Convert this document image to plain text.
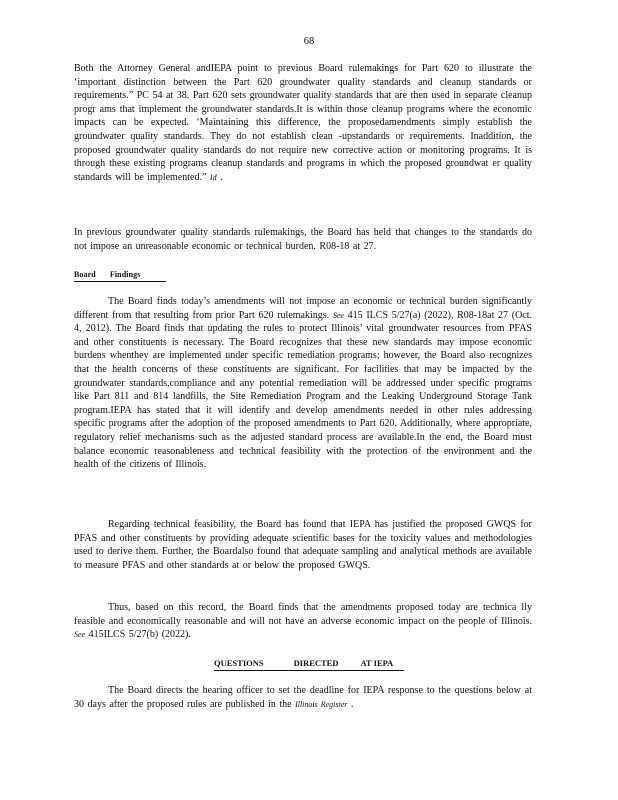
68

Both the Attorney General andIEPA point to previous Board rulemakings for Part 620 to illustrate the ‘important distinction between the Part 620 groundwater quality standards and cleanup standards or requirements.” PC 54 at 38. Part 620 sets groundwater quality standards that are then used in separate cleanup progr ams that implement the groundwater standards.It is within those cleanup programs where the economic impacts can be expected. ‘Maintaining this difference, the proposedamendments simply establish the groundwater quality standards. They do not establish clean -upstandards or requirements. Inaddition, the proposed groundwater quality standards do not require new corrective action or monitoring programs. It is through these existing programs cleanup standards and programs in which the proposed groundwat er quality standards will be implemented.” Id .

In previous groundwater quality standards rulemakings, the Board has held that changes to the standards do not impose an unreasonable economic or technical burden. R08-18 at 27.

Board Findings

The Board finds today’s amendments will not impose an economic or technical burden significantly different from that resulting from prior Part 620 rulemakings. See 415 ILCS 5/27(a) (2022), R08-18at 27 (Oct. 4, 2012). The Board finds that updating the rules to protect Illinois’ vital groundwater resources from PFAS and other constituents is necessary. The Board recognizes that these new standards may impose economic burdens whenthey are implemented under specific remediation programs; however, the Board also recognizes that the health concerns of these constituents are significant. For facilities that may be impacted by the groundwater standards,compliance and any potential remediation will be addressed under specific programs like Part 811 and 814 landfills, the Site Remediation Program and the Leaking Underground Storage Tank program.IEPA has stated that it will identify and develop amendments needed in other rules addressing specific programs after the adoption of the proposed amendments to Part 620. Additionally, where appropriate, regulatory relief mechanisms such as the adjusted standard process are available.In the end, the Board must balance economic reasonableness and technical feasibility with the protection of the environment and the health of the citizens of Illinois.

Regarding technical feasibility, the Board has found that IEPA has justified the proposed GWQS for PFAS and other constituents by providing adequate scientific bases for the toxicity values and methodologies used to derive them. Further, the Boardalso found that adequate sampling and analytical methods are available to measure PFAS and other standards at or below the proposed GWQS.

Thus, based on this record, the Board finds that the amendments proposed today are technica lly feasible and economically reasonable and will not have an adverse economic impact on the people of Illinois. See 415ILCS 5/27(b) (2022).

QUESTIONS	DIRECTED	AT IEPA

The Board directs the hearing officer to set the deadline for IEPA response to the questions below at 30 days after the proposed rules are published in the Illinois Register .
